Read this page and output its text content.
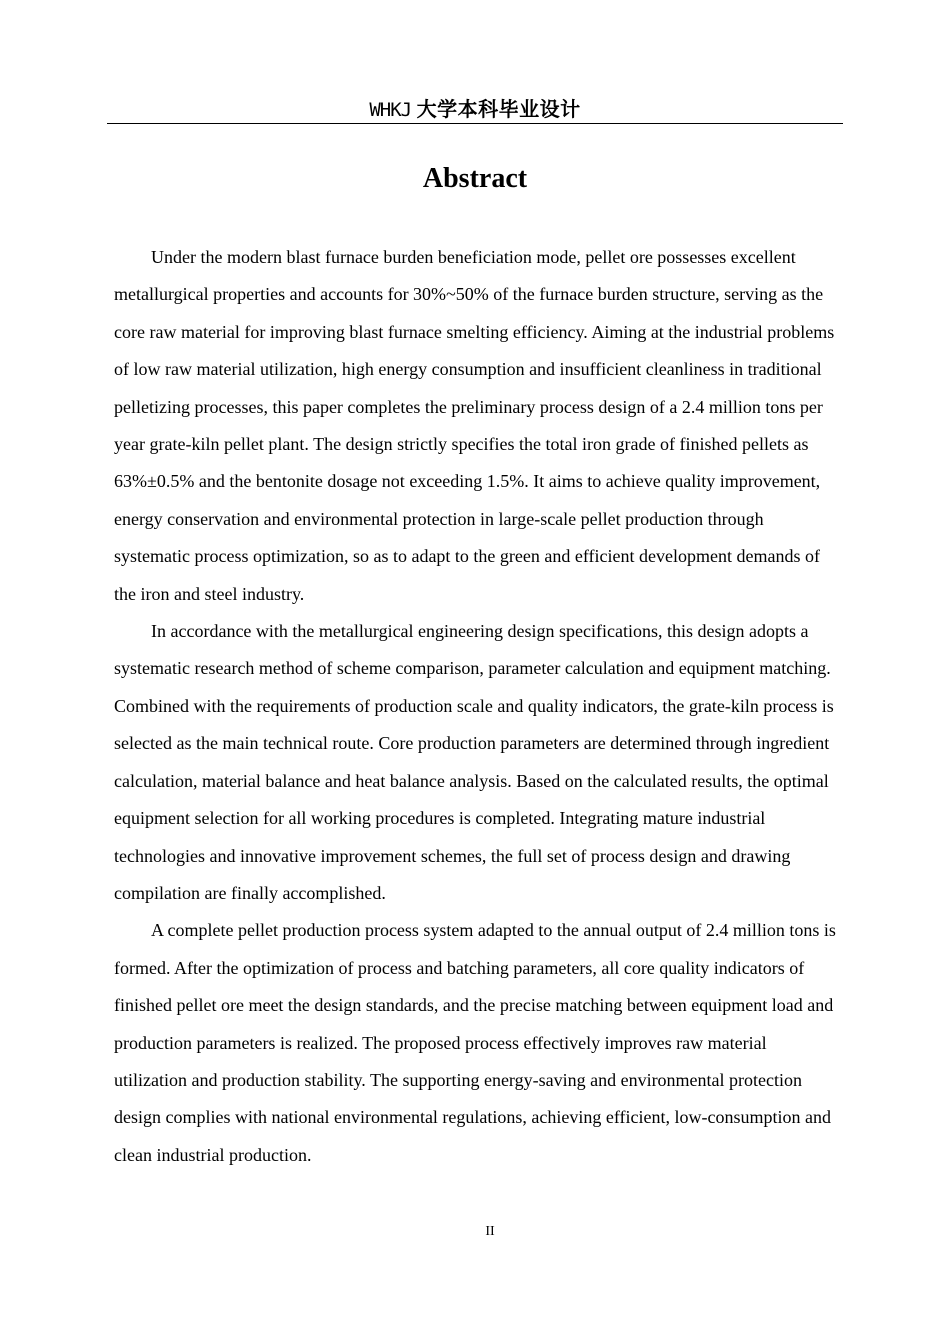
WHKJ 大学本科毕业设计
Abstract

Under the modern blast furnace burden beneficiation mode, pellet ore possesses excellent metallurgical properties and accounts for 30%~50% of the furnace burden structure, serving as the core raw material for improving blast furnace smelting efficiency. Aiming at the industrial problems of low raw material utilization, high energy consumption and insufficient cleanliness in traditional pelletizing processes, this paper completes the preliminary process design of a 2.4 million tons per year grate-kiln pellet plant. The design strictly specifies the total iron grade of finished pellets as 63%±0.5% and the bentonite dosage not exceeding 1.5%. It aims to achieve quality improvement, energy conservation and environmental protection in large-scale pellet production through systematic process optimization, so as to adapt to the green and efficient development demands of the iron and steel industry.

In accordance with the metallurgical engineering design specifications, this design adopts a systematic research method of scheme comparison, parameter calculation and equipment matching. Combined with the requirements of production scale and quality indicators, the grate-kiln process is selected as the main technical route. Core production parameters are determined through ingredient calculation, material balance and heat balance analysis. Based on the calculated results, the optimal equipment selection for all working procedures is completed. Integrating mature industrial technologies and innovative improvement schemes, the full set of process design and drawing compilation are finally accomplished.

A complete pellet production process system adapted to the annual output of 2.4 million tons is formed. After the optimization of process and batching parameters, all core quality indicators of finished pellet ore meet the design standards, and the precise matching between equipment load and production parameters is realized. The proposed process effectively improves raw material utilization and production stability. The supporting energy-saving and environmental protection design complies with national environmental regulations, achieving efficient, low-consumption and clean industrial production.

II
